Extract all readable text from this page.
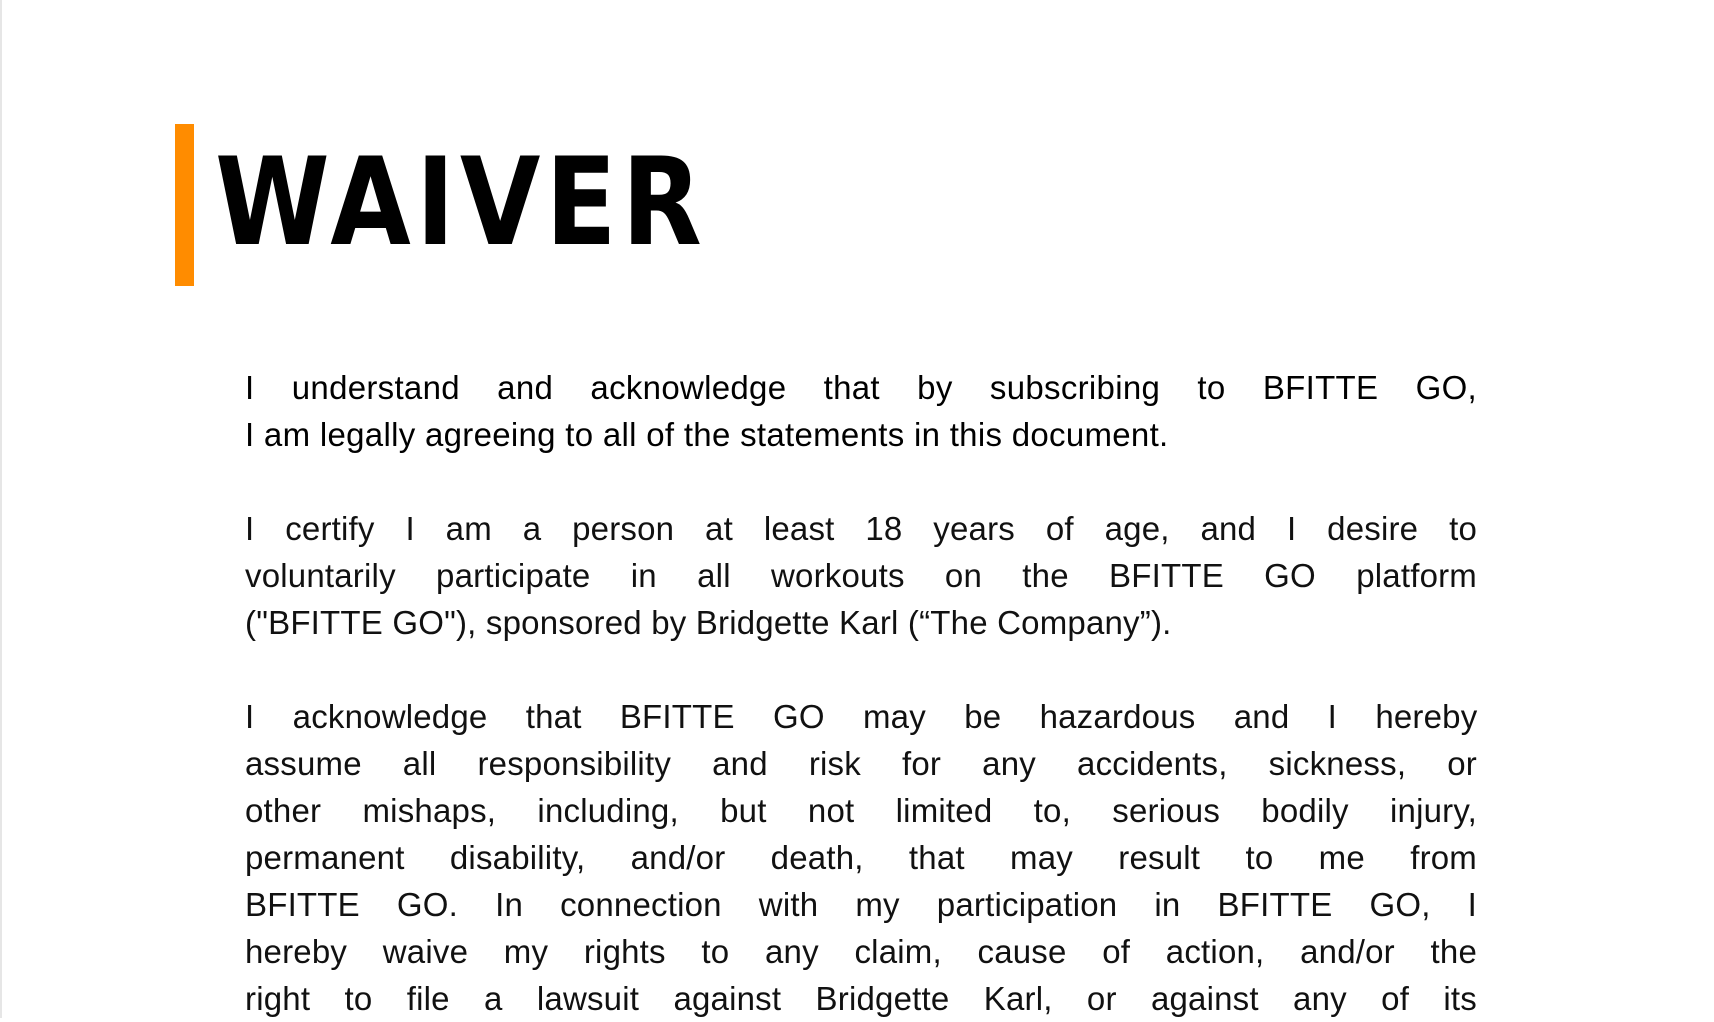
WAIVER

I understand and acknowledge that by subscribing to BFITTE GO,
I am legally agreeing to all of the statements in this document.

I certify I am a person at least 18 years of age, and I desire to
voluntarily participate in all workouts on the BFITTE GO platform
("BFITTE GO"), sponsored by Bridgette Karl (“The Company”).

I acknowledge that BFITTE GO may be hazardous and I hereby
assume all responsibility and risk for any accidents, sickness, or
other mishaps, including, but not limited to, serious bodily injury,
permanent disability, and/or death, that may result to me from
BFITTE GO. In connection with my participation in BFITTE GO, I
hereby waive my rights to any claim, cause of action, and/or the
right to file a lawsuit against Bridgette Karl, or against any of its
